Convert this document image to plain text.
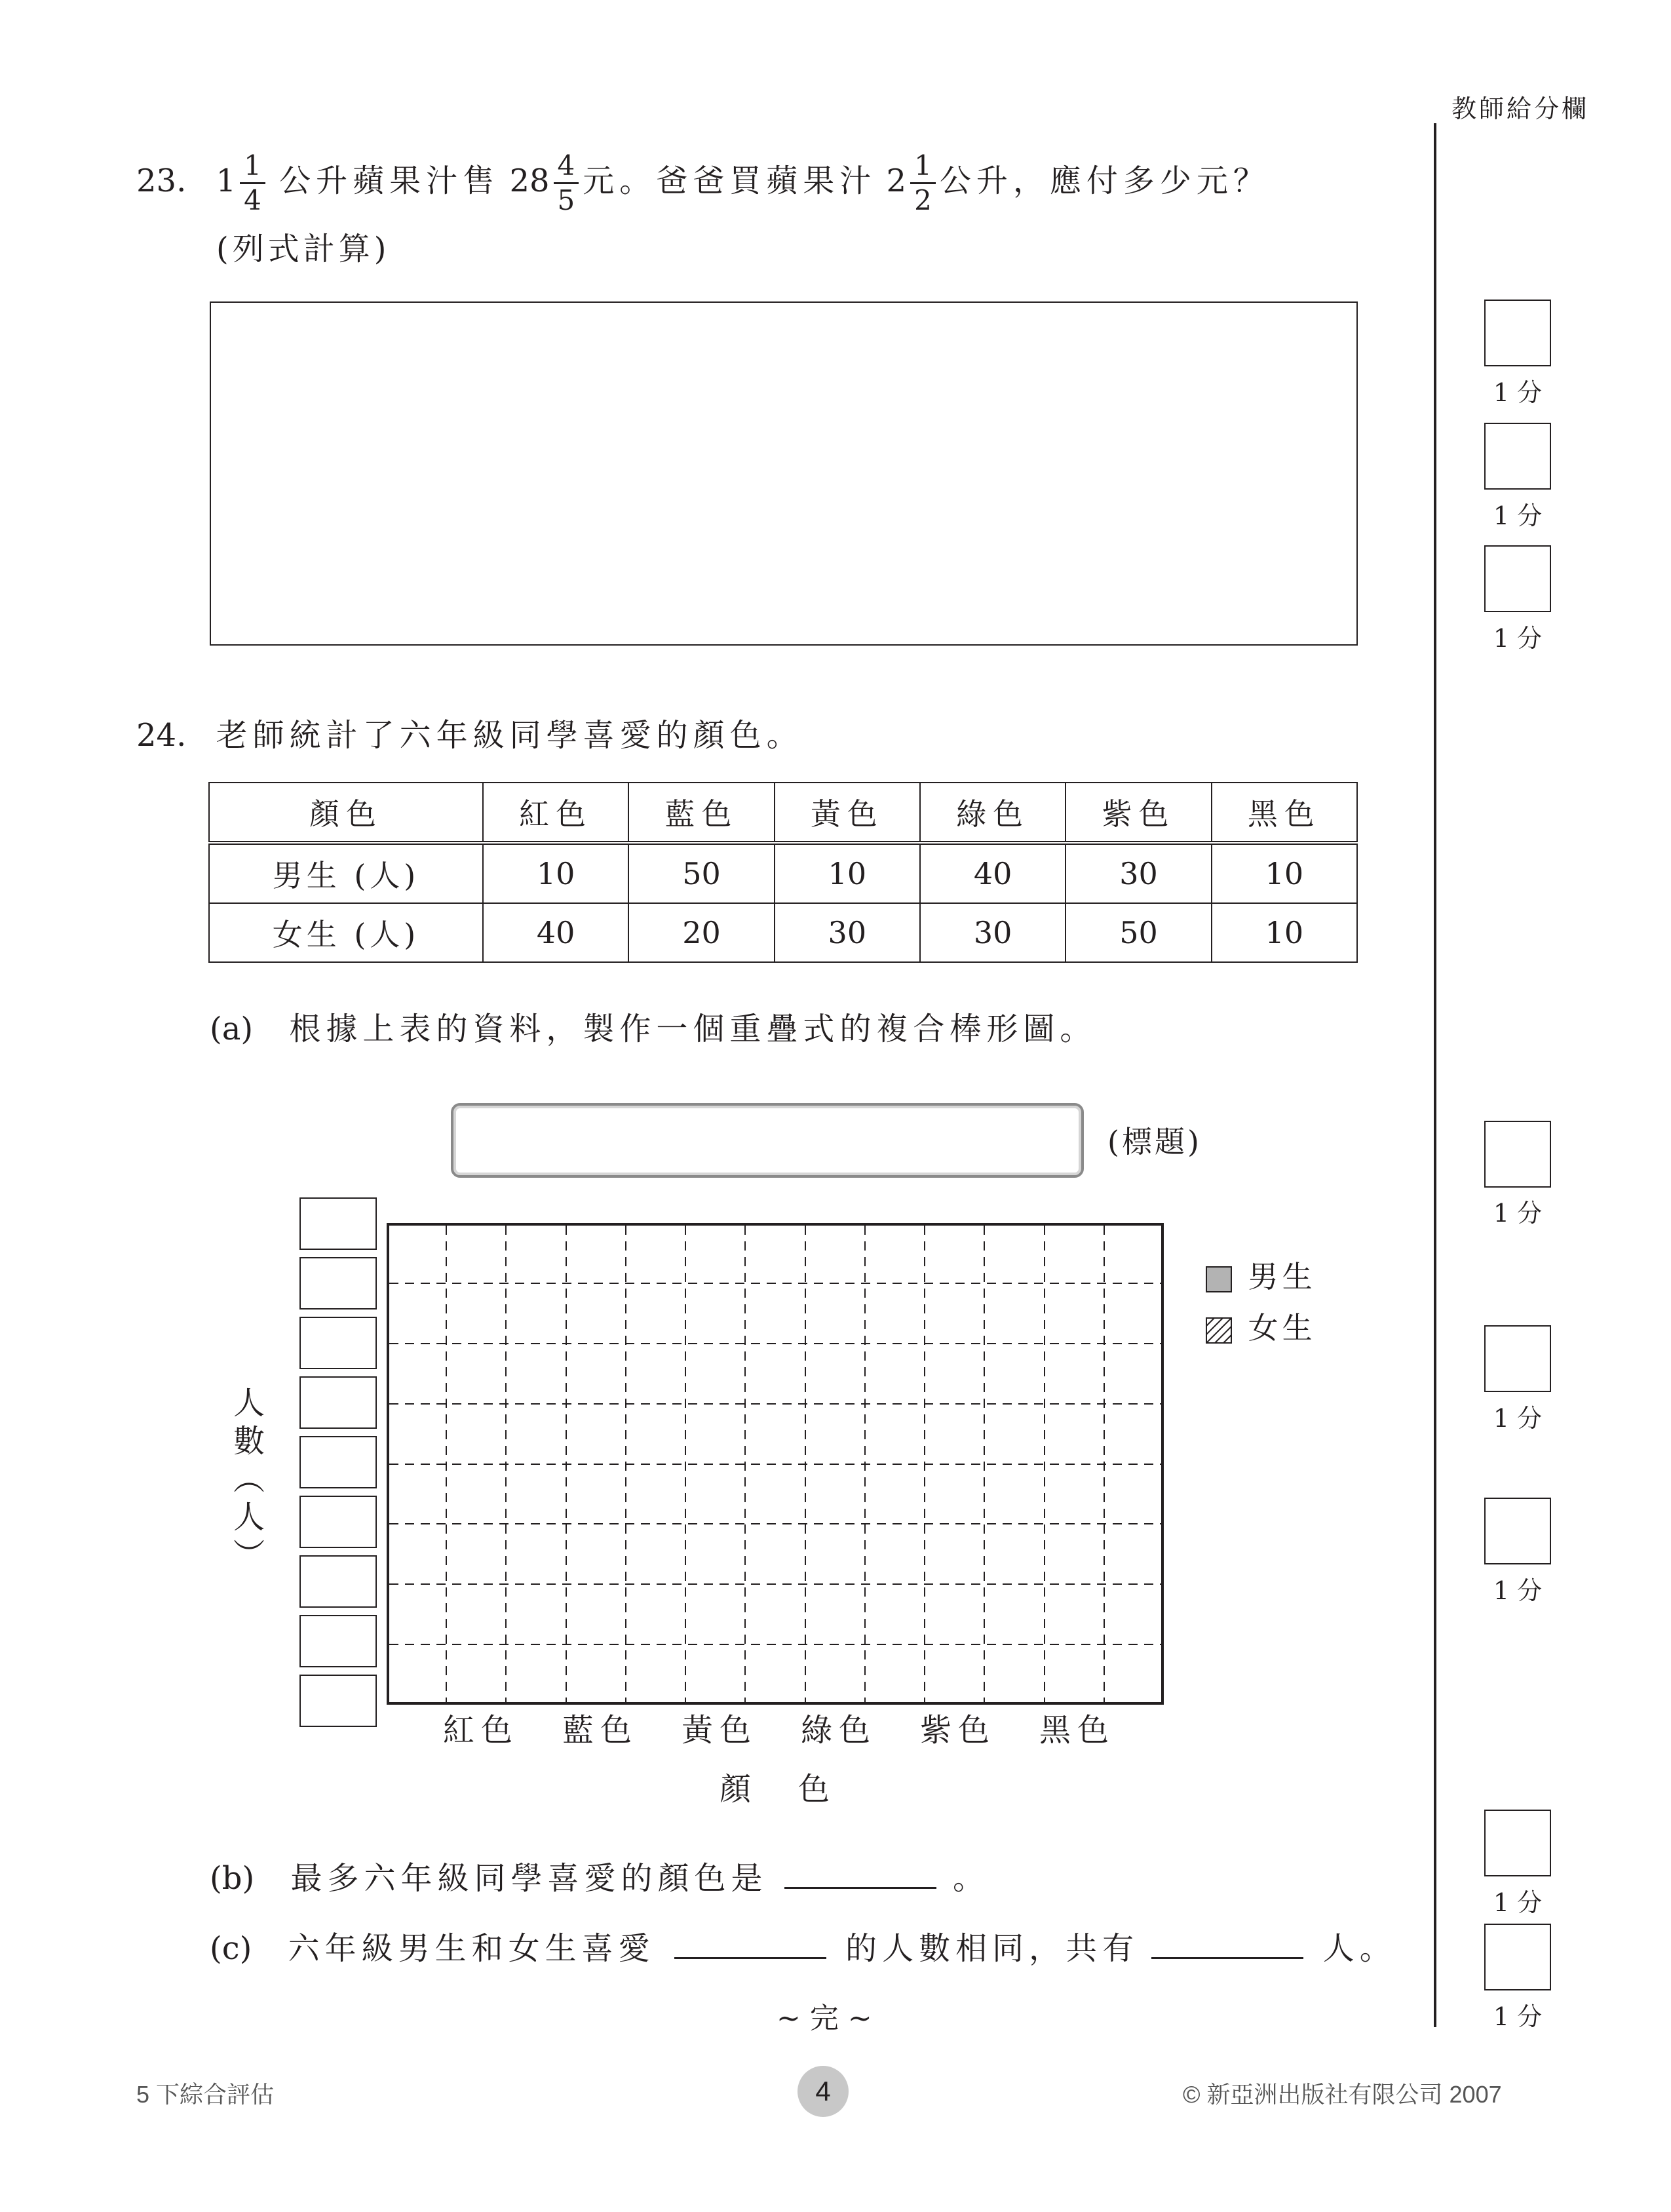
教師給分欄
23. $1 \frac{1}{4}$ 公升蘋果汁售 $28 \frac{4}{5}$ 元。爸爸買蘋果汁 $2 \frac{1}{2}$ 公升，應付多少元？
(列式計算)
24. 老師統計了六年級同學喜愛的顏色。
顏色	紅色	藍色	黃色	綠色	紫色	黑色
男生 (人)	10	50	10	40	30	10
女生 (人)	40	20	30	30	50	10
(a) 根據上表的資料，製作一個重疊式的複合棒形圖。
(標題)
人
數
︵
人
︶
紅色	藍色	黃色	綠色	紫色	黑色
顏　色
男生
女生
(b) 最多六年級同學喜愛的顏色是	。
(c) 六年級男生和女生喜愛	的人數相同，共有	人。
~ 完 ~
1 分
1 分
1 分
1 分
1 分
1 分
1 分
1 分
5 下綜合評估	4	© 新亞洲出版社有限公司 2007
